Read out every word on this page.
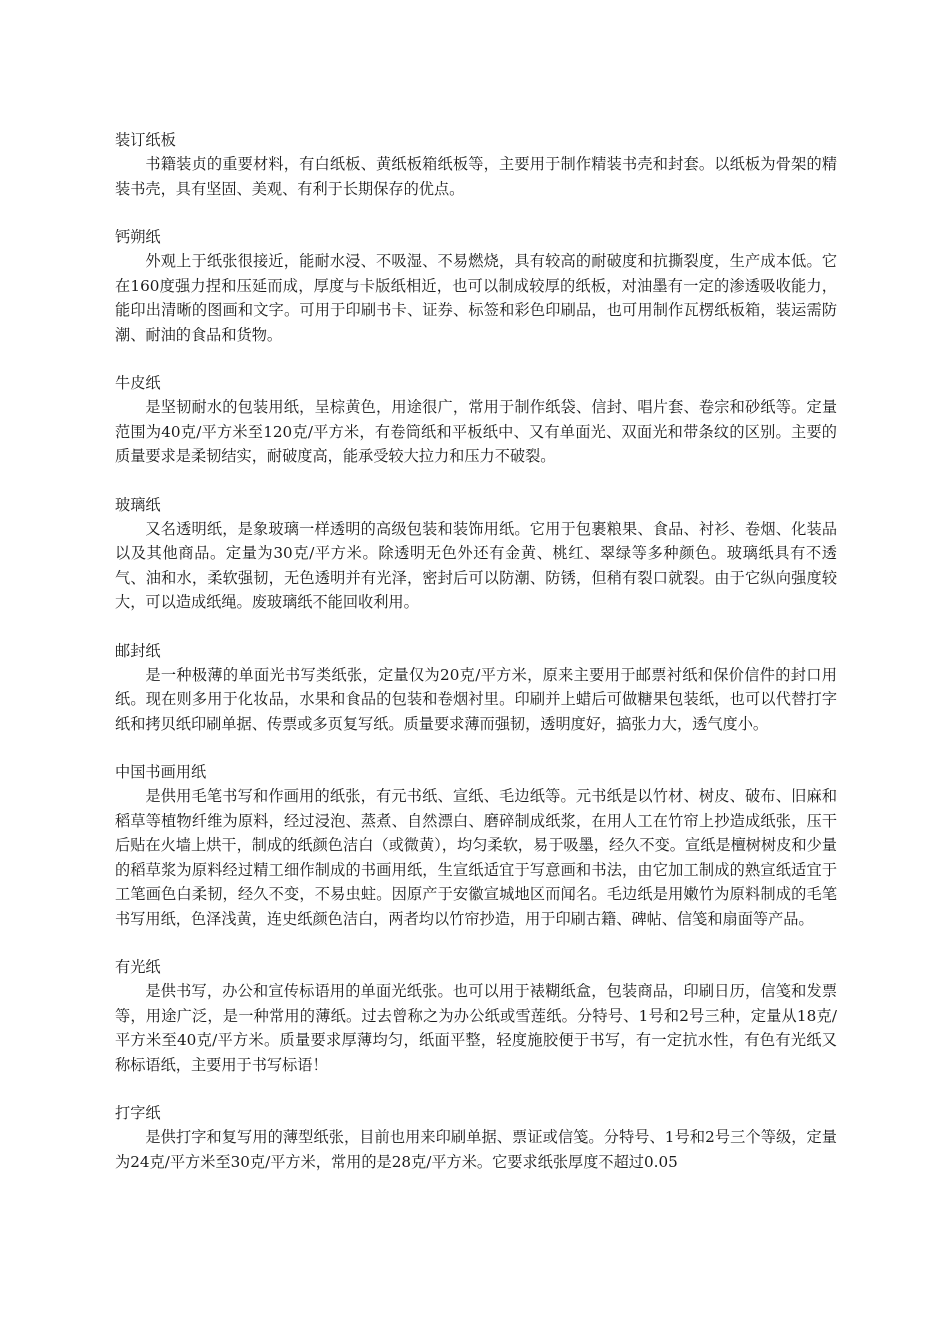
装订纸板

书籍装贞的重要材料，有白纸板、黄纸板箱纸板等，主要用于制作精装书壳和封套。以纸板为骨架的精装书壳，具有坚固、美观、有利于长期保存的优点。

钙朔纸

外观上于纸张很接近，能耐水浸、不吸湿、不易燃烧，具有较高的耐破度和抗撕裂度，生产成本低。它在160度强力捏和压延而成，厚度与卡版纸相近，也可以制成较厚的纸板，对油墨有一定的渗透吸收能力，能印出清晰的图画和文字。可用于印刷书卡、证券、标签和彩色印刷品，也可用制作瓦楞纸板箱，装运需防潮、耐油的食品和货物。

牛皮纸

是坚韧耐水的包装用纸，呈棕黄色，用途很广，常用于制作纸袋、信封、唱片套、卷宗和砂纸等。定量范围为40克/平方米至120克/平方米，有卷筒纸和平板纸中、又有单面光、双面光和带条纹的区别。主要的质量要求是柔韧结实，耐破度高，能承受较大拉力和压力不破裂。

玻璃纸

又名透明纸，是象玻璃一样透明的高级包装和装饰用纸。它用于包裹粮果、食品、衬衫、卷烟、化装品以及其他商品。定量为30克/平方米。除透明无色外还有金黄、桃红、翠绿等多种颜色。玻璃纸具有不透气、油和水，柔软强韧，无色透明并有光泽，密封后可以防潮、防锈，但稍有裂口就裂。由于它纵向强度较大，可以造成纸绳。废玻璃纸不能回收利用。

邮封纸

是一种极薄的单面光书写类纸张，定量仅为20克/平方米，原来主要用于邮票衬纸和保价信件的封口用纸。现在则多用于化妆品，水果和食品的包装和卷烟衬里。印刷并上蜡后可做糖果包装纸，也可以代替打字纸和拷贝纸印刷单据、传票或多页复写纸。质量要求薄而强韧，透明度好，搞张力大，透气度小。

中国书画用纸

是供用毛笔书写和作画用的纸张，有元书纸、宣纸、毛边纸等。元书纸是以竹材、树皮、破布、旧麻和稻草等植物纤维为原料，经过浸泡、蒸煮、自然漂白、磨碎制成纸浆，在用人工在竹帘上抄造成纸张，压干后贴在火墙上烘干，制成的纸颜色洁白（或微黄），均匀柔软，易于吸墨，经久不变。宣纸是檀树树皮和少量的稻草浆为原料经过精工细作制成的书画用纸，生宣纸适宜于写意画和书法，由它加工制成的熟宣纸适宜于工笔画色白柔韧，经久不变，不易虫蛀。因原产于安徽宣城地区而闻名。毛边纸是用嫩竹为原料制成的毛笔书写用纸，色泽浅黄，连史纸颜色洁白，两者均以竹帘抄造，用于印刷古籍、碑帖、信笺和扇面等产品。

有光纸

是供书写，办公和宣传标语用的单面光纸张。也可以用于裱糊纸盒，包装商品，印刷日历，信笺和发票等，用途广泛，是一种常用的薄纸。过去曾称之为办公纸或雪莲纸。分特号、1号和2号三种，定量从18克/平方米至40克/平方米。质量要求厚薄均匀，纸面平整，轻度施胶便于书写，有一定抗水性，有色有光纸又称标语纸，主要用于书写标语！

打字纸

是供打字和复写用的薄型纸张，目前也用来印刷单据、票证或信笺。分特号、1号和2号三个等级，定量为24克/平方米至30克/平方米，常用的是28克/平方米。它要求纸张厚度不超过0.05
